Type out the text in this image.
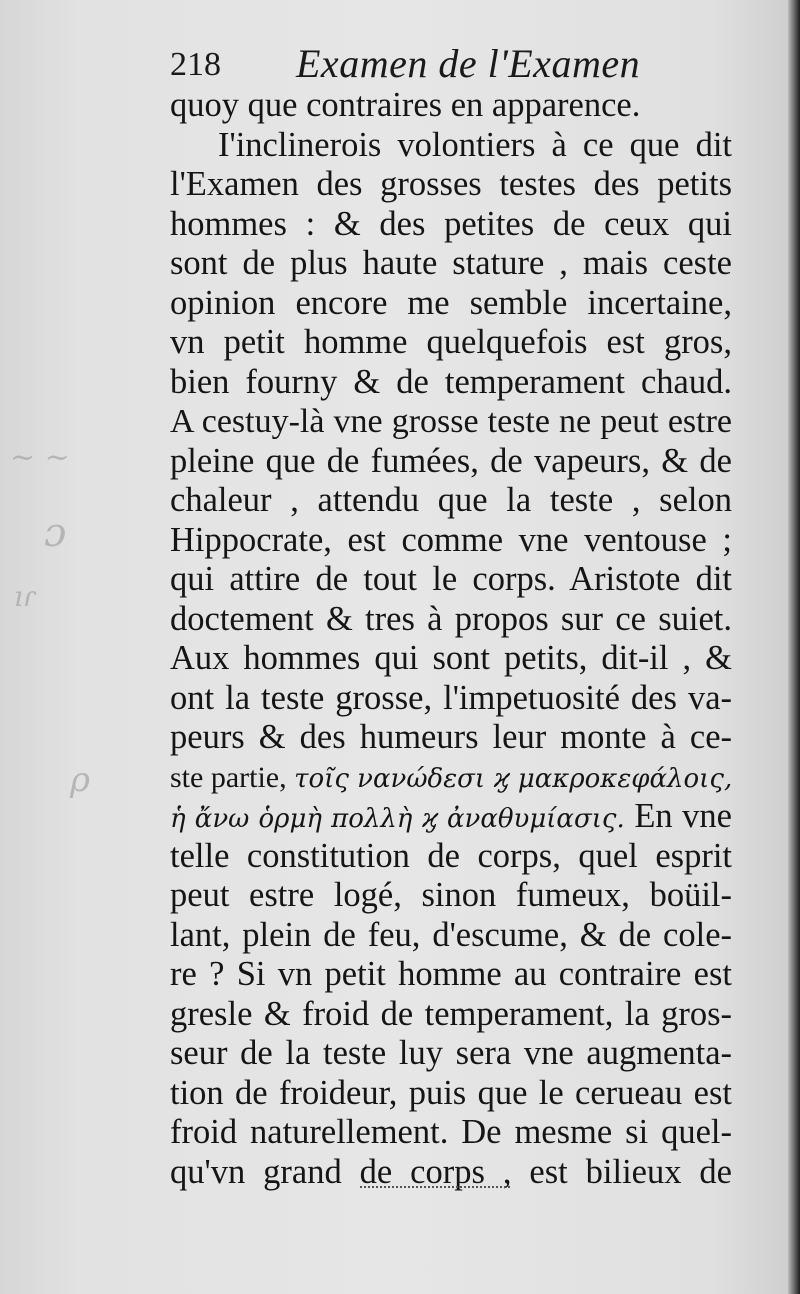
~ ~
ɔ
ıɾ
ρ
218 Examen de l'Examen
quoy que contraires en apparence.
I'inclinerois volontiers à ce que dit
l'Examen des grosses testes des petits
hommes : & des petites de ceux qui
sont de plus haute stature , mais ceste
opinion encore me semble incertaine,
vn petit homme quelquefois est gros,
bien fourny & de temperament chaud.
A cestuy-là vne grosse teste ne peut estre
pleine que de fumées, de vapeurs, & de
chaleur , attendu que la teste , selon
Hippocrate, est comme vne ventouse ;
qui attire de tout le corps. Aristote dit
doctement & tres à propos sur ce suiet.
Aux hommes qui sont petits, dit-il , &
ont la teste grosse, l'impetuosité des va-
peurs & des humeurs leur monte à ce-
ste partie, τοῖς νανώδεσι ϗ μακροκεφάλοις,
ἡ ἄνω ὁρμὴ πολλὴ ϗ ἀναθυμίασις. En vne
telle constitution de corps, quel esprit
peut estre logé, sinon fumeux, boüil-
lant, plein de feu, d'escume, & de cole-
re ? Si vn petit homme au contraire est
gresle & froid de temperament, la gros-
seur de la teste luy sera vne augmenta-
tion de froideur, puis que le cerueau est
froid naturellement. De mesme si quel-
qu'vn grand de corps , est bilieux de
